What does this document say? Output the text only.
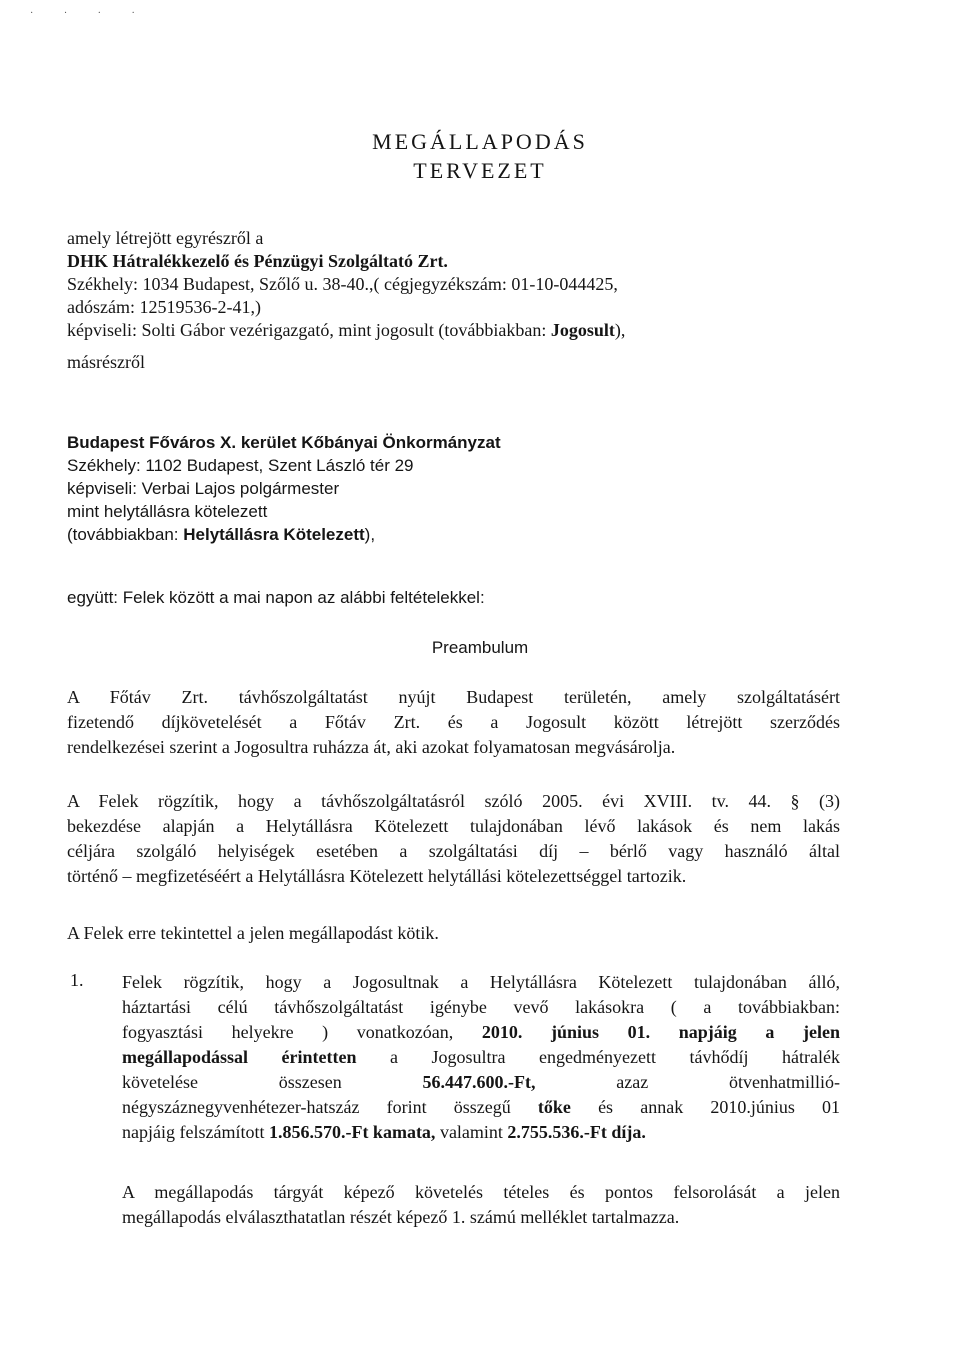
· · · ·
MEGÁLLAPODÁS
TERVEZET
amely létrejött egyrészről a
DHK Hátralékkezelő és Pénzügyi Szolgáltató Zrt.
Székhely: 1034 Budapest, Szőlő u. 38-40.,( cégjegyzékszám: 01-10-044425,
adószám: 12519536-2-41,)
képviseli: Solti Gábor vezérigazgató, mint jogosult (továbbiakban: Jogosult),
másrészről
Budapest Főváros X. kerület Kőbányai Önkormányzat
Székhely: 1102 Budapest, Szent László tér 29
képviseli: Verbai Lajos polgármester
mint helytállásra kötelezett
(továbbiakban: Helytállásra Kötelezett),
együtt: Felek között a mai napon az alábbi feltételekkel:
Preambulum
A Főtáv Zrt. távhőszolgáltatást nyújt Budapest területén, amely szolgáltatásért
fizetendő díjkövetelését a Főtáv Zrt. és a Jogosult között létrejött szerződés
rendelkezései szerint a Jogosultra ruházza át, aki azokat folyamatosan megvásárolja.
A Felek rögzítik, hogy a távhőszolgáltatásról szóló 2005. évi XVIII. tv. 44. § (3)
bekezdése alapján a Helytállásra Kötelezett tulajdonában lévő lakások és nem lakás
céljára szolgáló helyiségek esetében a szolgáltatási díj – bérlő vagy használó által
történő – megfizetéséért a Helytállásra Kötelezett helytállási kötelezettséggel tartozik.
A Felek erre tekintettel a jelen megállapodást kötik.
1. Felek rögzítik, hogy a Jogosultnak a Helytállásra Kötelezett tulajdonában álló,
háztartási célú távhőszolgáltatást igénybe vevő lakásokra ( a továbbiakban:
fogyasztási helyekre ) vonatkozóan, 2010. június 01. napjáig a jelen
megállapodással érintetten a Jogosultra engedményezett távhődíj hátralék
követelése összesen 56.447.600.-Ft, azaz ötvenhatmillió-
négyszáznegyvenhétezer-hatszáz forint összegű tőke és annak 2010.június 01
napjáig felszámított 1.856.570.-Ft kamata, valamint 2.755.536.-Ft díja.
A megállapodás tárgyát képező követelés tételes és pontos felsorolását a jelen
megállapodás elválaszthatatlan részét képező 1. számú melléklet tartalmazza.
